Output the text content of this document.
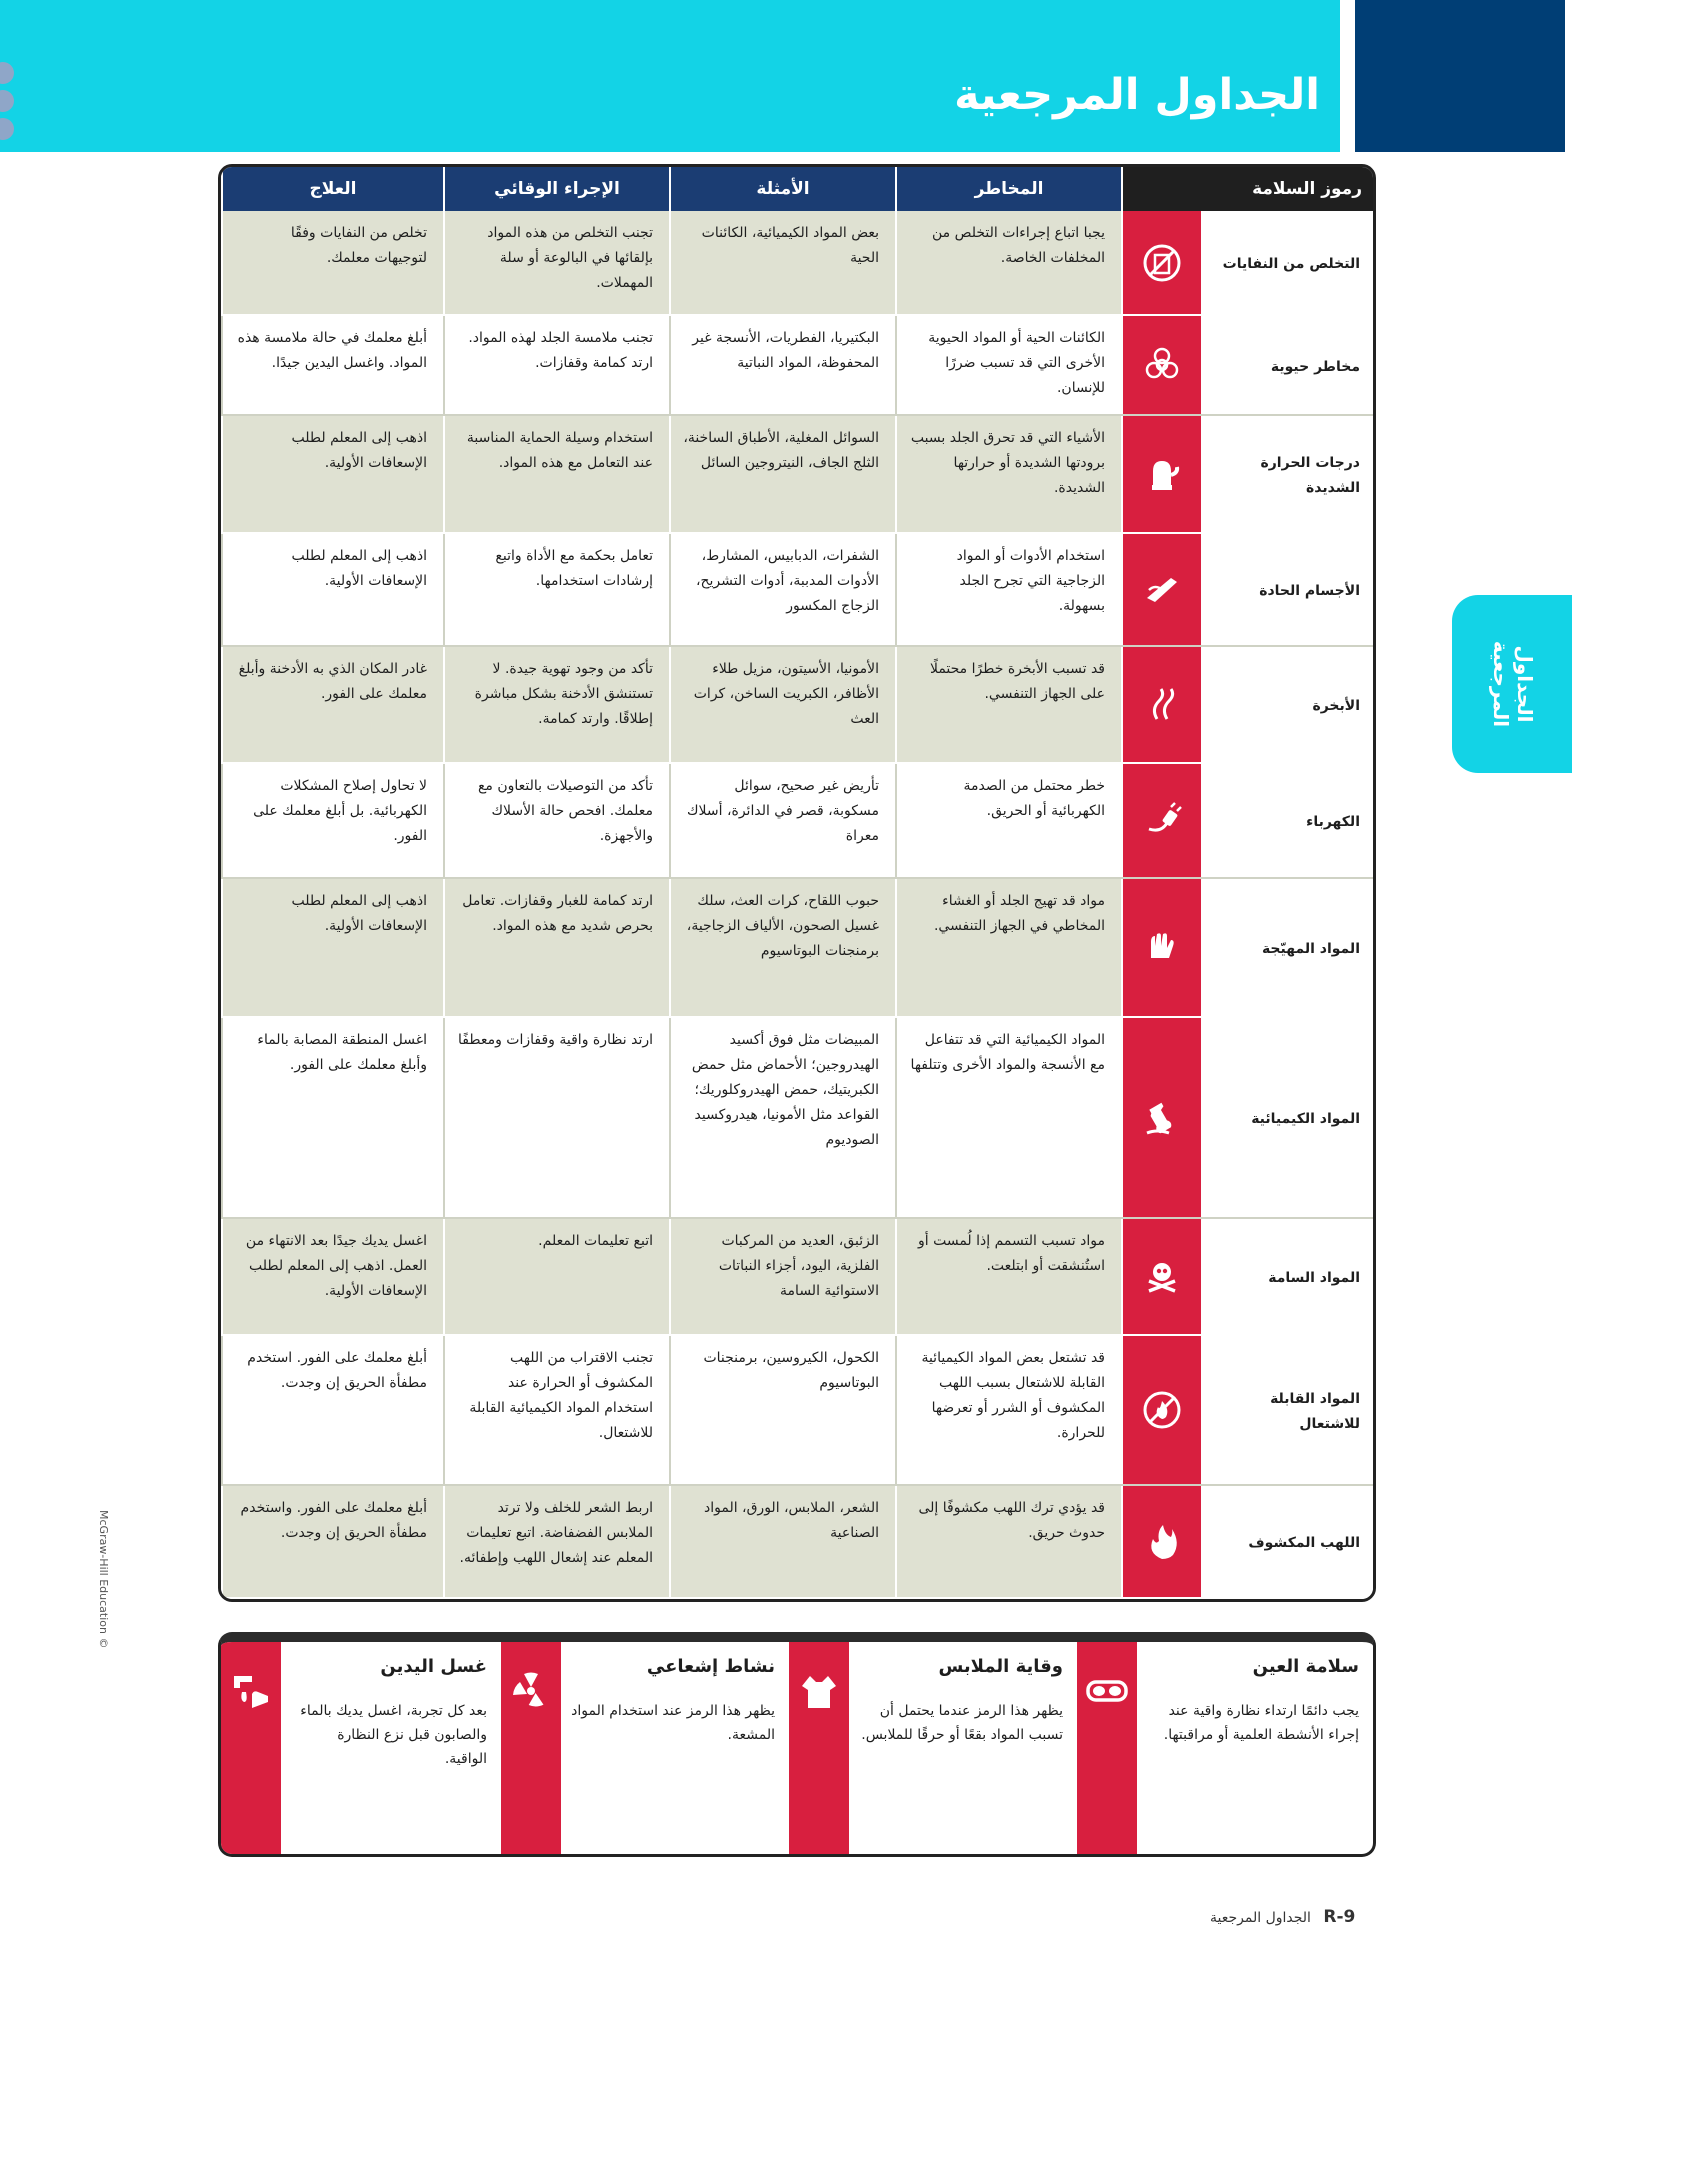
الجداول المرجعية
رموز السلامة		المخاطر	الأمثلة	الإجراء الوقائي	العلاج
التخلص من النفايات		يجبا اتباع إجراءات التخلص من المخلفات الخاصة.	بعض المواد الكيميائية، الكائنات الحية	تجنب التخلص من هذه المواد بإلقائها في البالوعة أو سلة المهملات.	تخلص من النفايات وفقًا لتوجيهات معلمك.
مخاطر حيوية		الكائنات الحية أو المواد الحيوية الأخرى التي قد تسبب ضررًا للإنسان.	البكتيريا، الفطريات، الأنسجة غير المحفوظة، المواد النباتية	تجنب ملامسة الجلد لهذه المواد. ارتد كمامة وقفازات.	أبلغ معلمك في حالة ملامسة هذه المواد. واغسل اليدين جيدًا.
درجات الحرارة الشديدة		الأشياء التي قد تحرق الجلد بسبب برودتها الشديدة أو حرارتها الشديدة.	السوائل المغلية، الأطباق الساخنة، الثلج الجاف، النيتروجين السائل	استخدام وسيلة الحماية المناسبة عند التعامل مع هذه المواد.	اذهب إلى المعلم لطلب الإسعافات الأولية.
الأجسام الحادة		استخدام الأدوات أو المواد الزجاجية التي تجرح الجلد بسهولة.	الشفرات، الدبابيس، المشارط، الأدوات المدببة، أدوات التشريح، الزجاج المكسور	تعامل بحكمة مع الأداة واتبع إرشادات استخدامها.	اذهب إلى المعلم لطلب الإسعافات الأولية.
الأبخرة		قد تسبب الأبخرة خطرًا محتملًا على الجهاز التنفسي.	الأمونيا، الأسيتون، مزيل طلاء الأظافر، الكبريت الساخن، كرات العث	تأكد من وجود تهوية جيدة. لا تستنشق الأدخنة بشكل مباشرة إطلاقًا. وارتد كمامة.	غادر المكان الذي به الأدخنة وأبلغ معلمك على الفور.
الكهرباء		خطر محتمل من الصدمة الكهربائية أو الحريق.	تأريض غير صحيح، سوائل مسكوبة، قصر في الدائرة، أسلاك معراة	تأكد من التوصيلات بالتعاون مع معلمك. افحص حالة الأسلاك والأجهزة.	لا تحاول إصلاح المشكلات الكهربائية. بل أبلغ معلمك على الفور.
المواد المهيّجة		مواد قد تهيج الجلد أو الغشاء المخاطي في الجهاز التنفسي.	حبوب اللقاح، كرات العث، سلك غسيل الصحون، الألياف الزجاجية، برمنجنات البوتاسيوم	ارتد كمامة للغبار وقفازات. تعامل بحرص شديد مع هذه المواد.	اذهب إلى المعلم لطلب الإسعافات الأولية.
المواد الكيميائية		المواد الكيميائية التي قد تتفاعل مع الأنسجة والمواد الأخرى وتتلفها	المبيضات مثل فوق أكسيد الهيدروجين؛ الأحماض مثل حمض الكبريتيك، حمض الهيدروكلوريك؛ القواعد مثل الأمونيا، هيدروكسيد الصوديوم	ارتد نظارة واقية وقفازات ومعطفًا	اغسل المنطقة المصابة بالماء وأبلغ معلمك على الفور.
المواد السامة		مواد تسبب التسمم إذا لُمست أو استُنشقت أو ابتلعت.	الزئبق، العديد من المركبات الفلزية، اليود، أجزاء النباتات الاستوائية السامة	اتبع تعليمات المعلم.	اغسل يديك جيدًا بعد الانتهاء من العمل. اذهب إلى المعلم لطلب الإسعافات الأولية.
المواد القابلة للاشتعال		قد تشتعل بعض المواد الكيميائية القابلة للاشتعال بسبب اللهب المكشوف أو الشرر أو تعرضها للحرارة.	الكحول، الكيروسين، برمنجنات البوتاسيوم	تجنب الاقتراب من اللهب المكشوف أو الحرارة عند استخدام المواد الكيميائية القابلة للاشتعال.	أبلغ معلمك على الفور. استخدم مطفأة الحريق إن وجدت.
اللهب المكشوف		قد يؤدي ترك اللهب مكشوفًا إلى حدوث حريق.	الشعر، الملابس، الورق، المواد الصناعية	اربط الشعر للخلف ولا ترتد الملابس الفضفاضة. اتبع تعليمات المعلم عند إشعال اللهب وإطفائه.	أبلغ معلمك على الفور. واستخدم مطفأة الحريق إن وجدت.
الجداول المرجعية
McGraw-Hill Education ©
سلامة العين
يجب دائمًا ارتداء نظارة واقية عند إجراء الأنشطة العلمية أو مراقبتها.
وقاية الملابس
يظهر هذا الرمز عندما يحتمل أن تسبب المواد بقعًا أو حرقًا للملابس.
نشاط إشعاعي
يظهر هذا الرمز عند استخدام المواد المشعة.
غسل اليدين
بعد كل تجربة، اغسل يديك بالماء والصابون قبل نزع النظارة الواقية.
الجداول المرجعية R-9
